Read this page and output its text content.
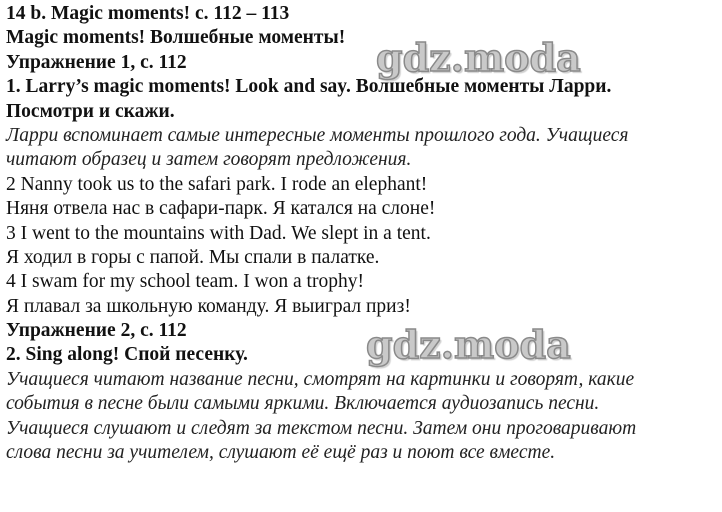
14 b. Magic moments! с. 112 – 113
Magic moments! Волшебные моменты!
Упражнение 1, с. 112
1. Larry’s magic moments! Look and say. Волшебные моменты Ларри.
Посмотри и скажи.
Ларри вспоминает самые интересные моменты прошлого года. Учащиеся
читают образец и затем говорят предложения.
2 Nanny took us to the safari park. I rode an elephant!
Няня отвела нас в сафари-парк. Я катался на слоне!
3 I went to the mountains with Dad. We slept in a tent.
Я ходил в горы с папой. Мы спали в палатке.
4 I swam for my school team. I won a trophy!
Я плавал за школьную команду. Я выиграл приз!
Упражнение 2, с. 112
2. Sing along! Спой песенку.
Учащиеся читают название песни, смотрят на картинки и говорят, какие
события в песне были самыми яркими. Включается аудиозапись песни.
Учащиеся слушают и следят за текстом песни. Затем они проговаривают
слова песни за учителем, слушают её ещё раз и поют все вместе.
gdz.moda
gdz.moda
